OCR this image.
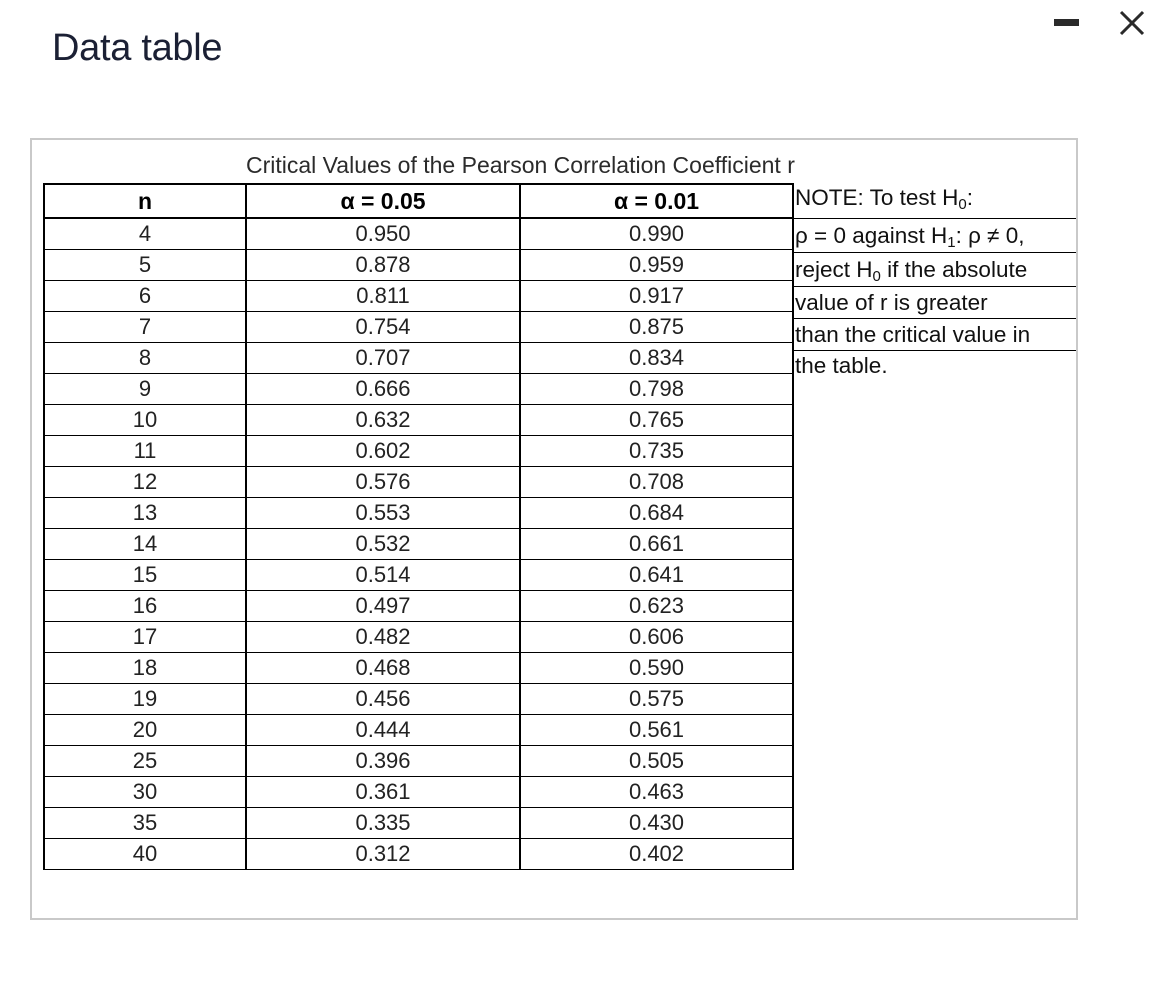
Data table
Critical Values of the Pearson Correlation Coefficient r
n	α = 0.05	α = 0.01
4	0.950	0.990
5	0.878	0.959
6	0.811	0.917
7	0.754	0.875
8	0.707	0.834
9	0.666	0.798
10	0.632	0.765
11	0.602	0.735
12	0.576	0.708
13	0.553	0.684
14	0.532	0.661
15	0.514	0.641
16	0.497	0.623
17	0.482	0.606
18	0.468	0.590
19	0.456	0.575
20	0.444	0.561
25	0.396	0.505
30	0.361	0.463
35	0.335	0.430
40	0.312	0.402
NOTE: To test $H_0$:
ρ = 0 against $H_1$: ρ ≠ 0,
reject $H_0$ if the absolute
value of r is greater
than the critical value in
the table.
